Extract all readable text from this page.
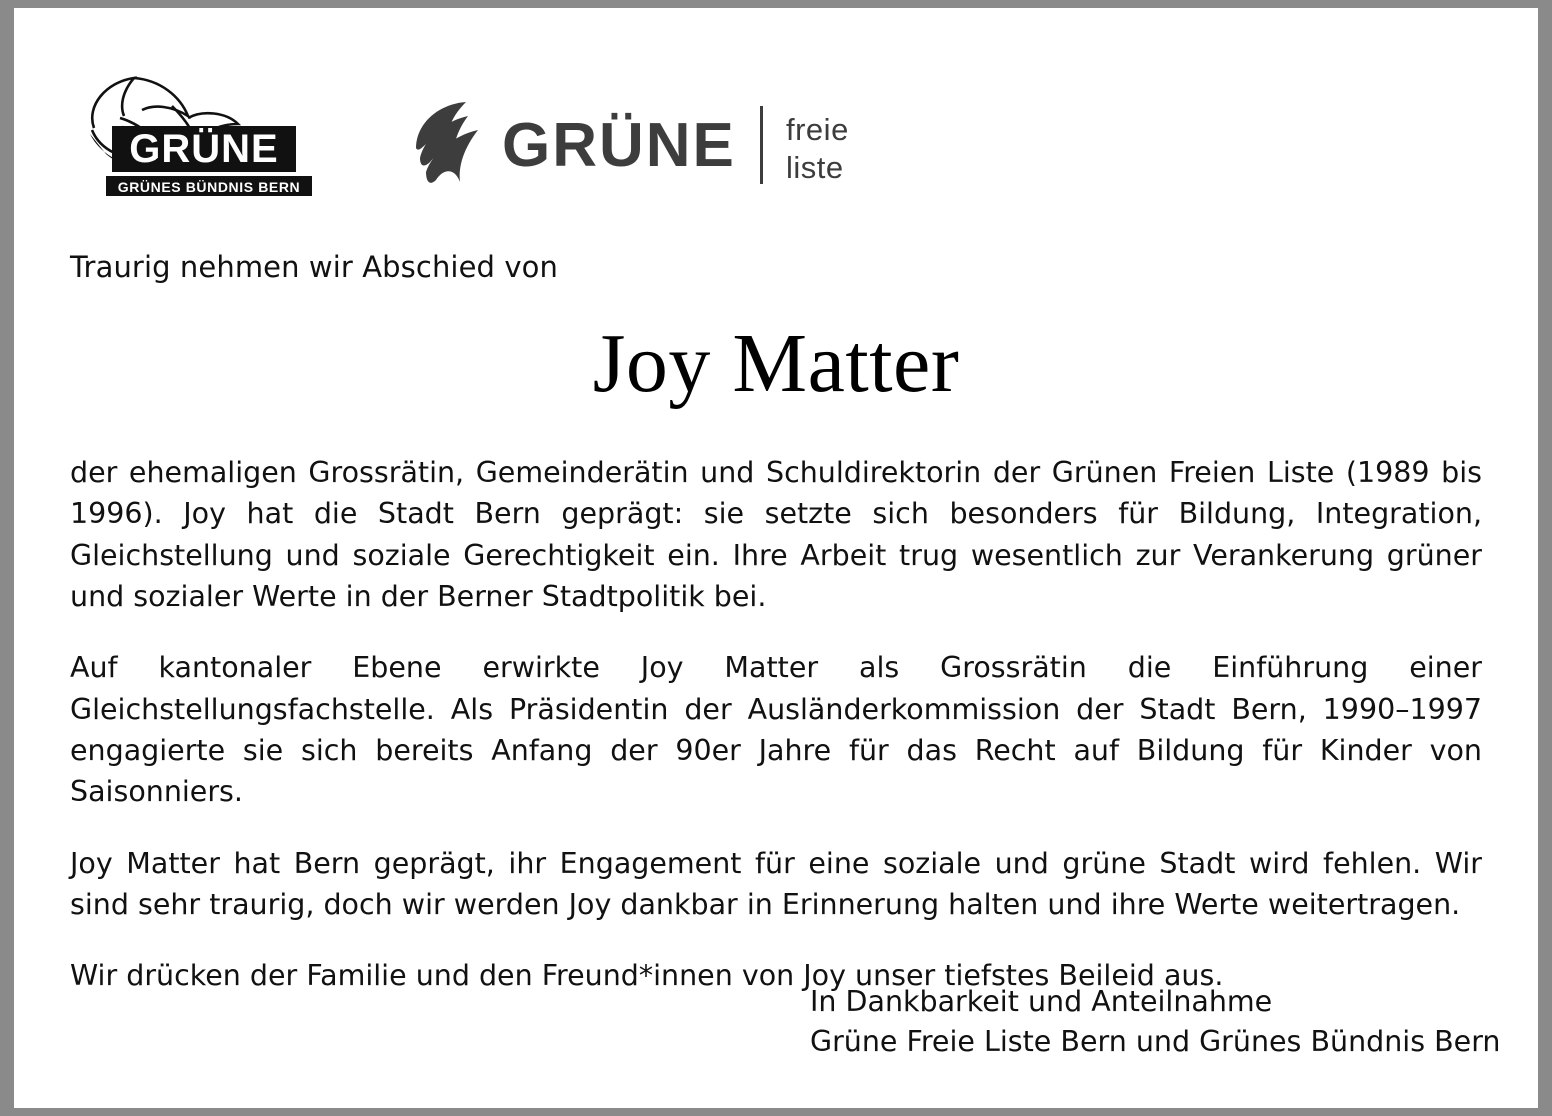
GRÜNE
GRÜNES BÜNDNIS BERN
GRÜNE freie
liste
Traurig nehmen wir Abschied von
Joy Matter

der ehemaligen Grossrätin, Gemeinderätin und Schuldirektorin der Grünen Freien Liste (1989 bis 1996). Joy hat die Stadt Bern geprägt: sie setzte sich besonders für Bildung, Integration, Gleichstellung und soziale Gerechtigkeit ein. Ihre Arbeit trug wesentlich zur Verankerung grüner und sozialer Werte in der Berner Stadtpolitik bei.

Auf kantonaler Ebene erwirkte Joy Matter als Grossrätin die Einführung einer Gleichstellungsfachstelle. Als Präsidentin der Ausländerkommission der Stadt Bern, 1990–1997 engagierte sie sich bereits Anfang der 90er Jahre für das Recht auf Bildung für Kinder von Saisonniers.

Joy Matter hat Bern geprägt, ihr Engagement für eine soziale und grüne Stadt wird fehlen. Wir sind sehr traurig, doch wir werden Joy dankbar in Erinnerung halten und ihre Werte weitertragen.

Wir drücken der Familie und den Freund*innen von Joy unser tiefstes Beileid aus.

In Dankbarkeit und Anteilnahme
Grüne Freie Liste Bern und Grünes Bündnis Bern
